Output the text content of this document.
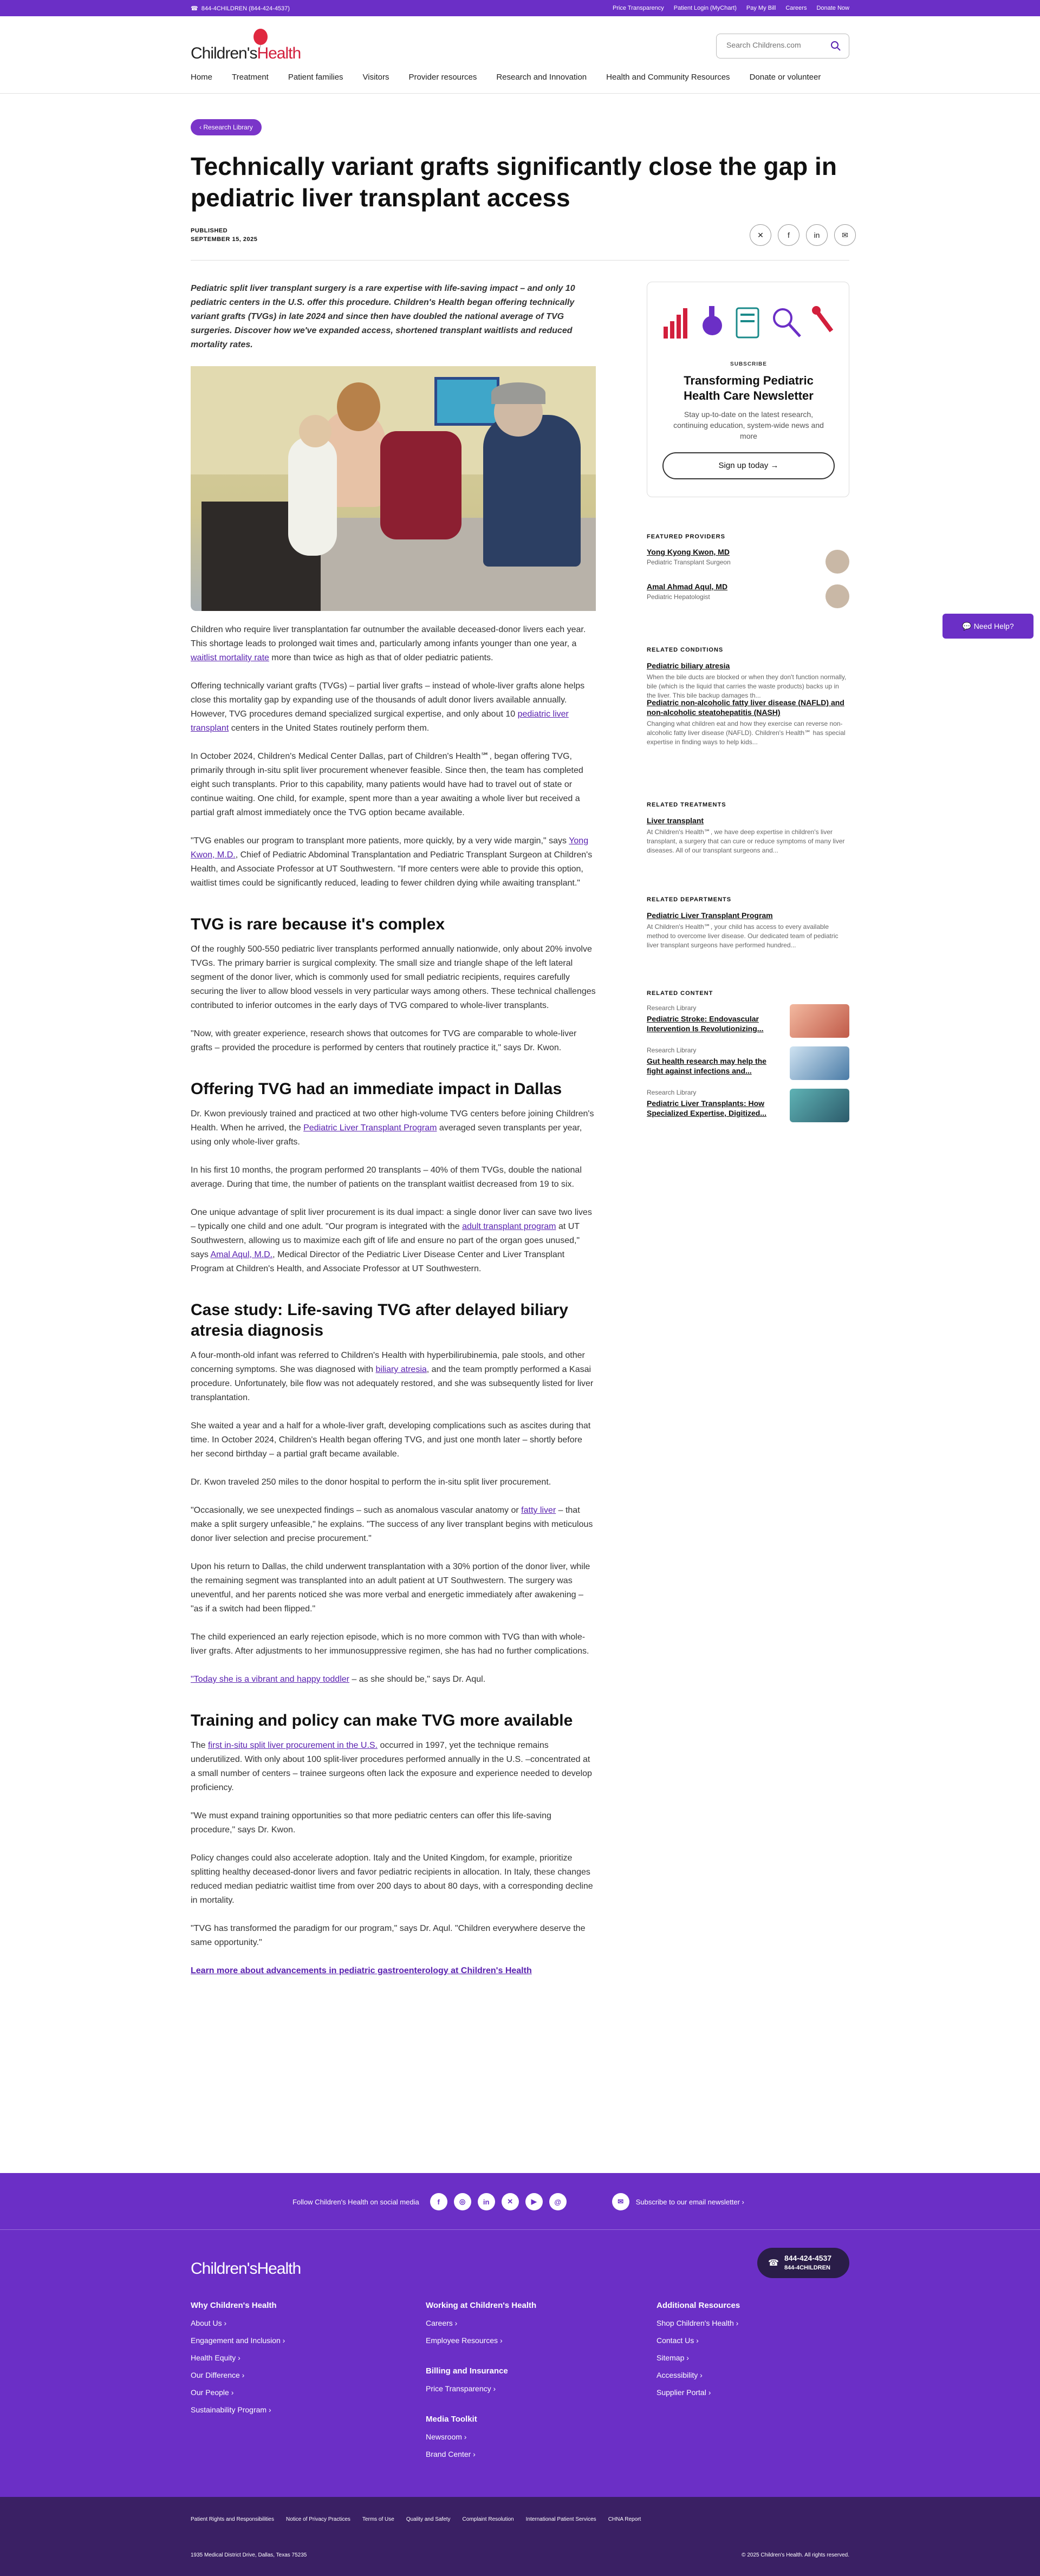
☎ 844-4CHILDREN (844-424-4537)	Price Transparency Patient Login (MyChart) Pay My Bill Careers Donate Now
Children'sHealth
Search Childrens.com
Home Treatment Patient families Visitors Provider resources Research and Innovation Health and Community Resources Donate or volunteer
‹ Research Library
Technically variant grafts significantly close the gap in pediatric liver transplant access
PUBLISHED
SEPTEMBER 15, 2025
✕	f	in	✉

Pediatric split liver transplant surgery is a rare expertise with life-saving impact – and only 10 pediatric centers in the U.S. offer this procedure. Children's Health began offering technically variant grafts (TVGs) in late 2024 and since then have doubled the national average of TVG surgeries. Discover how we've expanded access, shortened transplant waitlists and reduced mortality rates.

Children who require liver transplantation far outnumber the available deceased-donor livers each year. This shortage leads to prolonged wait times and, particularly among infants younger than one year, a waitlist mortality rate more than twice as high as that of older pediatric patients.

Offering technically variant grafts (TVGs) – partial liver grafts – instead of whole-liver grafts alone helps close this mortality gap by expanding use of the thousands of adult donor livers available annually. However, TVG procedures demand specialized surgical expertise, and only about 10 pediatric liver transplant centers in the United States routinely perform them.

In October 2024, Children's Medical Center Dallas, part of Children's Health℠, began offering TVG, primarily through in-situ split liver procurement whenever feasible. Since then, the team has completed eight such transplants. Prior to this capability, many patients would have had to travel out of state or continue waiting. One child, for example, spent more than a year awaiting a whole liver but received a partial graft almost immediately once the TVG option became available.

"TVG enables our program to transplant more patients, more quickly, by a very wide margin," says Yong Kwon, M.D., Chief of Pediatric Abdominal Transplantation and Pediatric Transplant Surgeon at Children's Health, and Associate Professor at UT Southwestern. "If more centers were able to provide this option, waitlist times could be significantly reduced, leading to fewer children dying while awaiting transplant."

TVG is rare because it's complex

Of the roughly 500-550 pediatric liver transplants performed annually nationwide, only about 20% involve TVGs. The primary barrier is surgical complexity. The small size and triangle shape of the left lateral segment of the donor liver, which is commonly used for small pediatric recipients, requires carefully securing the liver to allow blood vessels in very particular ways among others. These technical challenges contributed to inferior outcomes in the early days of TVG compared to whole-liver transplants.

"Now, with greater experience, research shows that outcomes for TVG are comparable to whole-liver grafts – provided the procedure is performed by centers that routinely practice it," says Dr. Kwon.

Offering TVG had an immediate impact in Dallas

Dr. Kwon previously trained and practiced at two other high-volume TVG centers before joining Children's Health. When he arrived, the Pediatric Liver Transplant Program averaged seven transplants per year, using only whole-liver grafts.

In his first 10 months, the program performed 20 transplants – 40% of them TVGs, double the national average. During that time, the number of patients on the transplant waitlist decreased from 19 to six.

One unique advantage of split liver procurement is its dual impact: a single donor liver can save two lives – typically one child and one adult. "Our program is integrated with the adult transplant program at UT Southwestern, allowing us to maximize each gift of life and ensure no part of the organ goes unused," says Amal Aqul, M.D., Medical Director of the Pediatric Liver Disease Center and Liver Transplant Program at Children's Health, and Associate Professor at UT Southwestern.

Case study: Life-saving TVG after delayed biliary atresia diagnosis

A four-month-old infant was referred to Children's Health with hyperbilirubinemia, pale stools, and other concerning symptoms. She was diagnosed with biliary atresia, and the team promptly performed a Kasai procedure. Unfortunately, bile flow was not adequately restored, and she was subsequently listed for liver transplantation.

She waited a year and a half for a whole-liver graft, developing complications such as ascites during that time. In October 2024, Children's Health began offering TVG, and just one month later – shortly before her second birthday – a partial graft became available.

Dr. Kwon traveled 250 miles to the donor hospital to perform the in-situ split liver procurement.

"Occasionally, we see unexpected findings – such as anomalous vascular anatomy or fatty liver – that make a split surgery unfeasible," he explains. "The success of any liver transplant begins with meticulous donor liver selection and precise procurement."

Upon his return to Dallas, the child underwent transplantation with a 30% portion of the donor liver, while the remaining segment was transplanted into an adult patient at UT Southwestern. The surgery was uneventful, and her parents noticed she was more verbal and energetic immediately after awakening – "as if a switch had been flipped."

The child experienced an early rejection episode, which is no more common with TVG than with whole-liver grafts. After adjustments to her immunosuppressive regimen, she has had no further complications.

"Today she is a vibrant and happy toddler – as she should be," says Dr. Aqul.

Training and policy can make TVG more available

The first in-situ split liver procurement in the U.S. occurred in 1997, yet the technique remains underutilized. With only about 100 split-liver procedures performed annually in the U.S. –concentrated at a small number of centers – trainee surgeons often lack the exposure and experience needed to develop proficiency.

"We must expand training opportunities so that more pediatric centers can offer this life-saving procedure," says Dr. Kwon.

Policy changes could also accelerate adoption. Italy and the United Kingdom, for example, prioritize splitting healthy deceased-donor livers and favor pediatric recipients in allocation. In Italy, these changes reduced median pediatric waitlist time from over 200 days to about 80 days, with a corresponding decline in mortality.

"TVG has transformed the paradigm for our program," says Dr. Aqul. "Children everywhere deserve the same opportunity."

Learn more about advancements in pediatric gastroenterology at Children's Health

SUBSCRIBE
Transforming Pediatric Health Care Newsletter
Stay up-to-date on the latest research, continuing education, system-wide news and more
Sign up today →
FEATURED PROVIDERS
Yong Kyong Kwon, MD
Pediatric Transplant Surgeon
Amal Ahmad Aqul, MD
Pediatric Hepatologist
RELATED CONDITIONS
Pediatric biliary atresia
When the bile ducts are blocked or when they don't function normally, bile (which is the liquid that carries the waste products) backs up in the liver. This bile backup damages th...
Pediatric non-alcoholic fatty liver disease (NAFLD) and non-alcoholic steatohepatitis (NASH)
Changing what children eat and how they exercise can reverse non-alcoholic fatty liver disease (NAFLD). Children's Health℠ has special expertise in finding ways to help kids...
RELATED TREATMENTS
Liver transplant
At Children's Health℠, we have deep expertise in children's liver transplant, a surgery that can cure or reduce symptoms of many liver diseases. All of our transplant surgeons and...
RELATED DEPARTMENTS
Pediatric Liver Transplant Program
At Children's Health℠, your child has access to every available method to overcome liver disease. Our dedicated team of pediatric liver transplant surgeons have performed hundred...
RELATED CONTENT
Research Library
Pediatric Stroke: Endovascular Intervention Is Revolutionizing...
Research Library
Gut health research may help the fight against infections and...
Research Library
Pediatric Liver Transplants: How Specialized Expertise, Digitized...
💬 Need Help?
Follow Children's Health on social media	f	◎	in	✕	▶	@	✉	Subscribe to our email newsletter ›
Children'sHealth	☎
844-424-4537
844-4CHILDREN
Why Children's Health
About Us ›
Engagement and Inclusion ›
Health Equity ›
Our Difference ›
Our People ›
Sustainability Program ›
Working at Children's Health
Careers ›
Employee Resources ›
Billing and Insurance
Price Transparency ›
Media Toolkit
Newsroom ›
Brand Center ›
Additional Resources
Shop Children's Health ›
Contact Us ›
Sitemap ›
Accessibility ›
Supplier Portal ›
Patient Rights and Responsibilities Notice of Privacy Practices Terms of Use Quality and Safety Complaint Resolution International Patient Services CHNA Report
1935 Medical District Drive, Dallas, Texas 75235	© 2025 Children's Health. All rights reserved.
